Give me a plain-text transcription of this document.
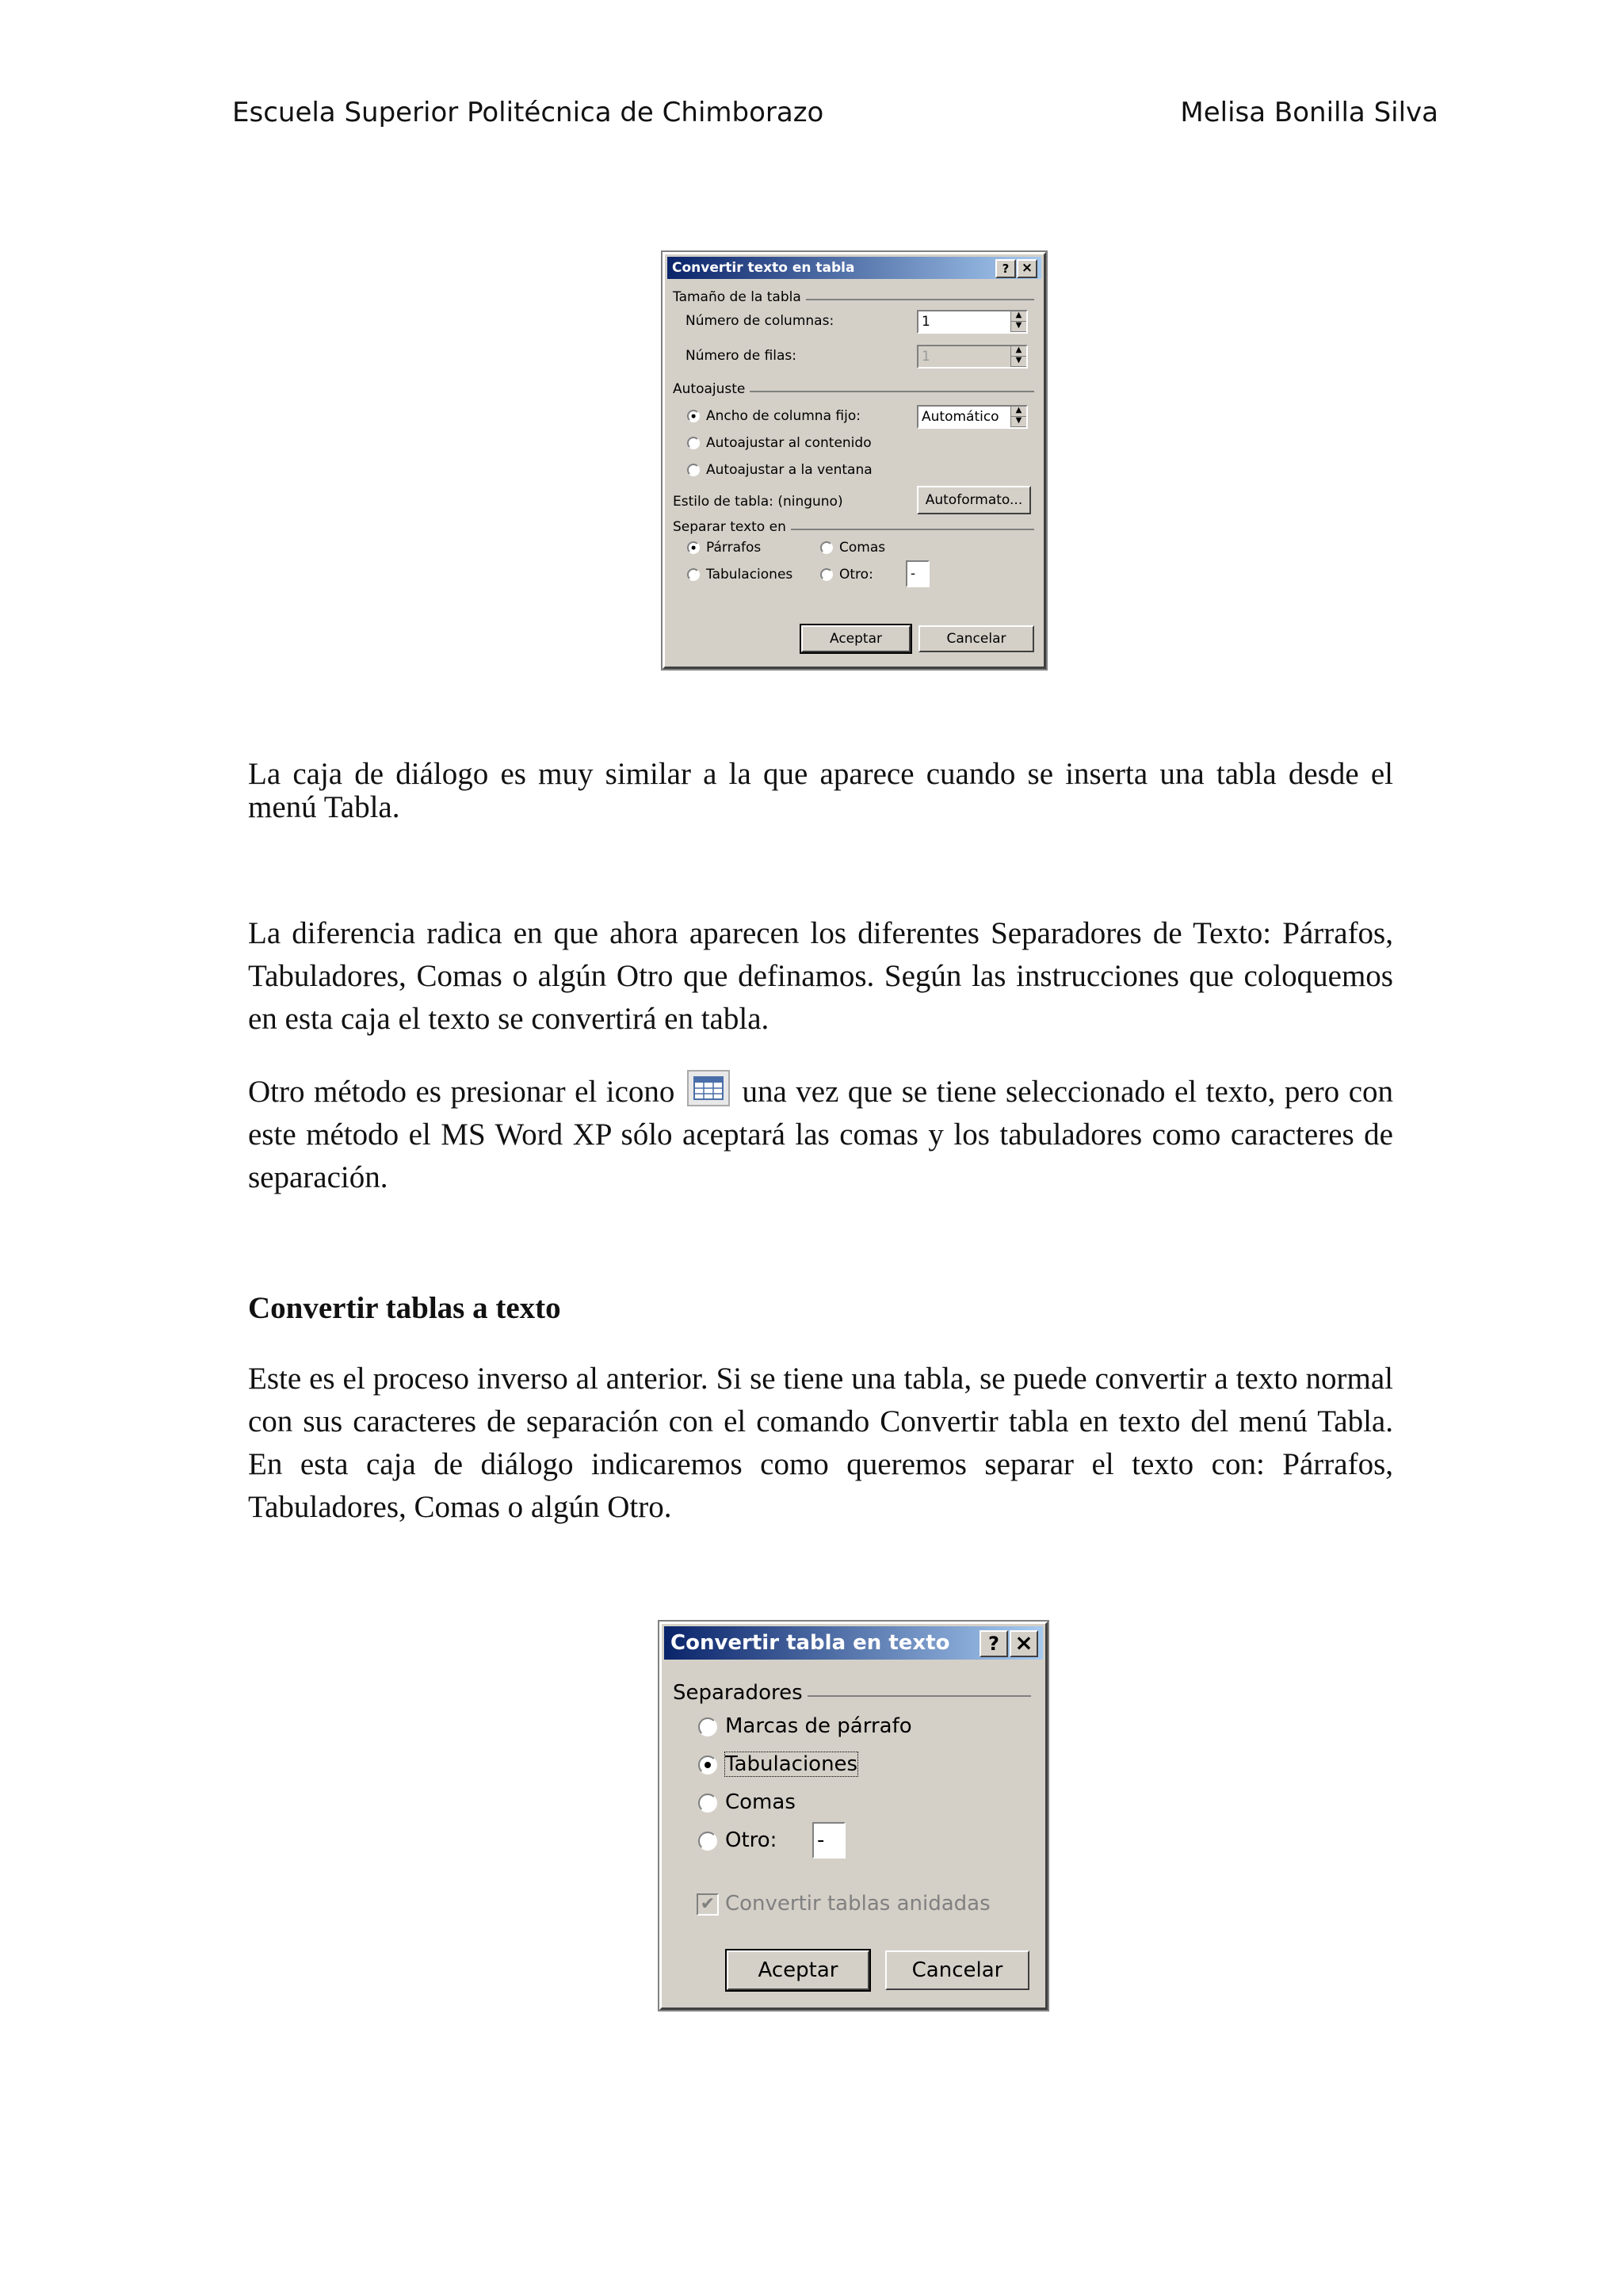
Escuela Superior Politécnica de Chimborazo	Melisa Bonilla Silva
Convertir texto en tabla	? ×
Tamaño de la tabla
Número de columnas:	1	▲
▼
Número de filas:	1	▲
▼
Autoajuste
Ancho de columna fijo:	Automático	▲
▼
Autoajustar al contenido
Autoajustar a la ventana
Estilo de tabla: (ninguno)	Autoformato...
Separar texto en
Párrafos	Comas
Tabulaciones	Otro:	-
Aceptar	Cancelar
La caja de diálogo es muy similar a la que aparece cuando se inserta una tabla desde el menú Tabla.
La diferencia radica en que ahora aparecen los diferentes Separadores de Texto: Párrafos, Tabuladores, Comas o algún Otro que definamos. Según las instrucciones que coloquemos en esta caja el texto se convertirá en tabla.
Otro método es presionar el icono una vez que se tiene seleccionado el texto, pero con este método el MS Word XP sólo aceptará las comas y los tabuladores como caracteres de separación.
Convertir tablas a texto
Este es el proceso inverso al anterior. Si se tiene una tabla, se puede convertir a texto normal con sus caracteres de separación con el comando Convertir tabla en texto del menú Tabla. En esta caja de diálogo indicaremos como queremos separar el texto con: Párrafos, Tabuladores, Comas o algún Otro.
Convertir tabla en texto	? ×
Separadores
Marcas de párrafo
Tabulaciones
Comas
Otro: -
✔ Convertir tablas anidadas
Aceptar	Cancelar
